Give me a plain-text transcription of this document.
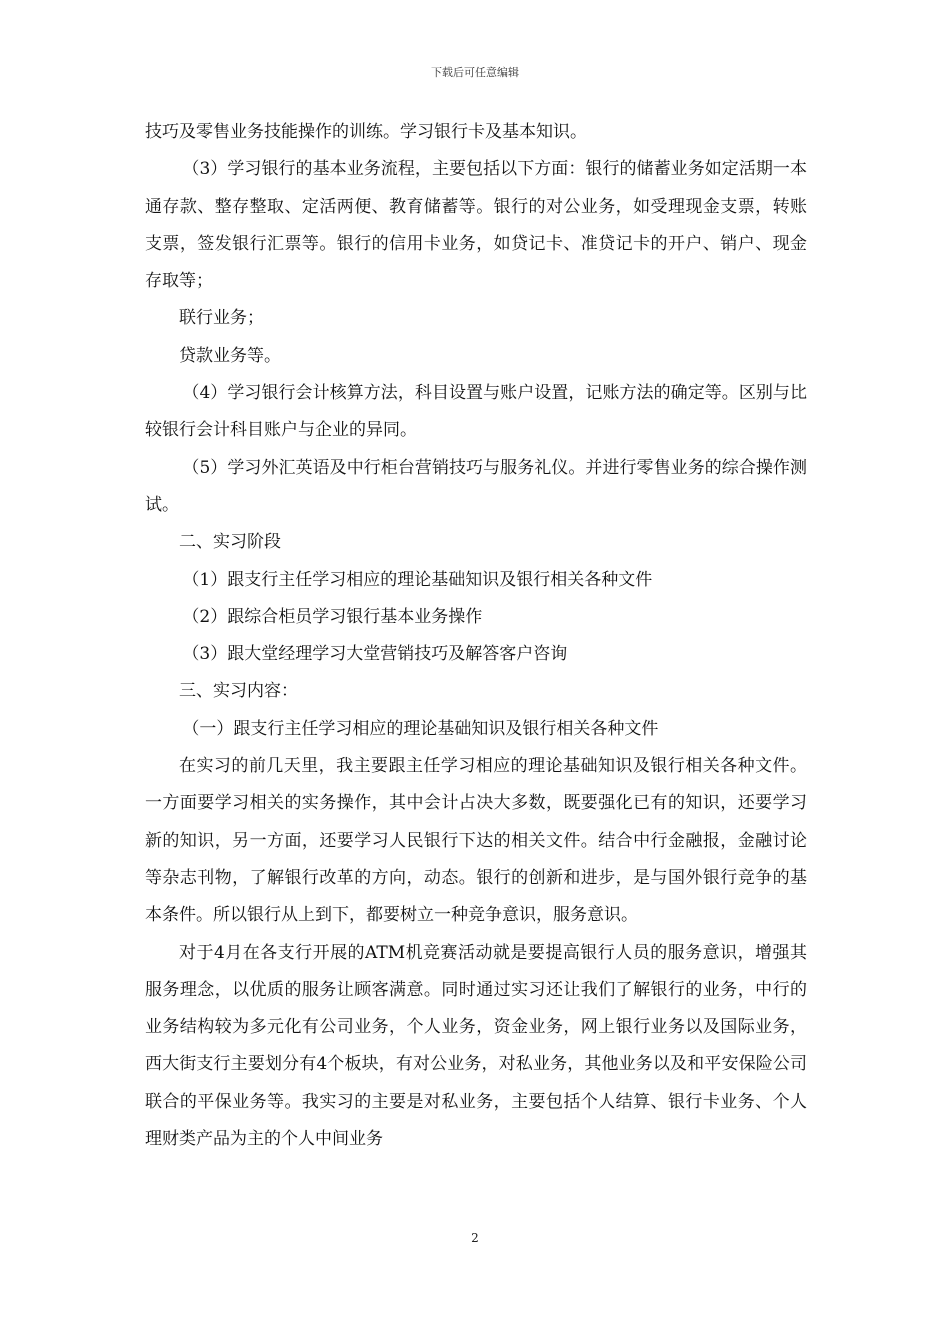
下载后可任意编辑

技巧及零售业务技能操作的训练。学习银行卡及基本知识。

（3）学习银行的基本业务流程，主要包括以下方面：银行的储蓄业务如定活期一本通存款、整存整取、定活两便、教育储蓄等。银行的对公业务，如受理现金支票，转账支票，签发银行汇票等。银行的信用卡业务，如贷记卡、准贷记卡的开户、销户、现金存取等；

联行业务；

贷款业务等。

（4）学习银行会计核算方法，科目设置与账户设置，记账方法的确定等。区别与比较银行会计科目账户与企业的异同。

（5）学习外汇英语及中行柜台营销技巧与服务礼仪。并进行零售业务的综合操作测试。

二、实习阶段

（1）跟支行主任学习相应的理论基础知识及银行相关各种文件

（2）跟综合柜员学习银行基本业务操作

（3）跟大堂经理学习大堂营销技巧及解答客户咨询

三、实习内容：

（一）跟支行主任学习相应的理论基础知识及银行相关各种文件

在实习的前几天里，我主要跟主任学习相应的理论基础知识及银行相关各种文件。一方面要学习相关的实务操作，其中会计占决大多数，既要强化已有的知识，还要学习新的知识，另一方面，还要学习人民银行下达的相关文件。结合中行金融报，金融讨论等杂志刊物，了解银行改革的方向，动态。银行的创新和进步，是与国外银行竞争的基本条件。所以银行从上到下，都要树立一种竞争意识，服务意识。

对于4月在各支行开展的ATM机竞赛活动就是要提高银行人员的服务意识，增强其服务理念，以优质的服务让顾客满意。同时通过实习还让我们了解银行的业务，中行的业务结构较为多元化有公司业务，个人业务，资金业务，网上银行业务以及国际业务，西大街支行主要划分有4个板块，有对公业务，对私业务，其他业务以及和平安保险公司联合的平保业务等。我实习的主要是对私业务，主要包括个人结算、银行卡业务、个人理财类产品为主的个人中间业务

2
